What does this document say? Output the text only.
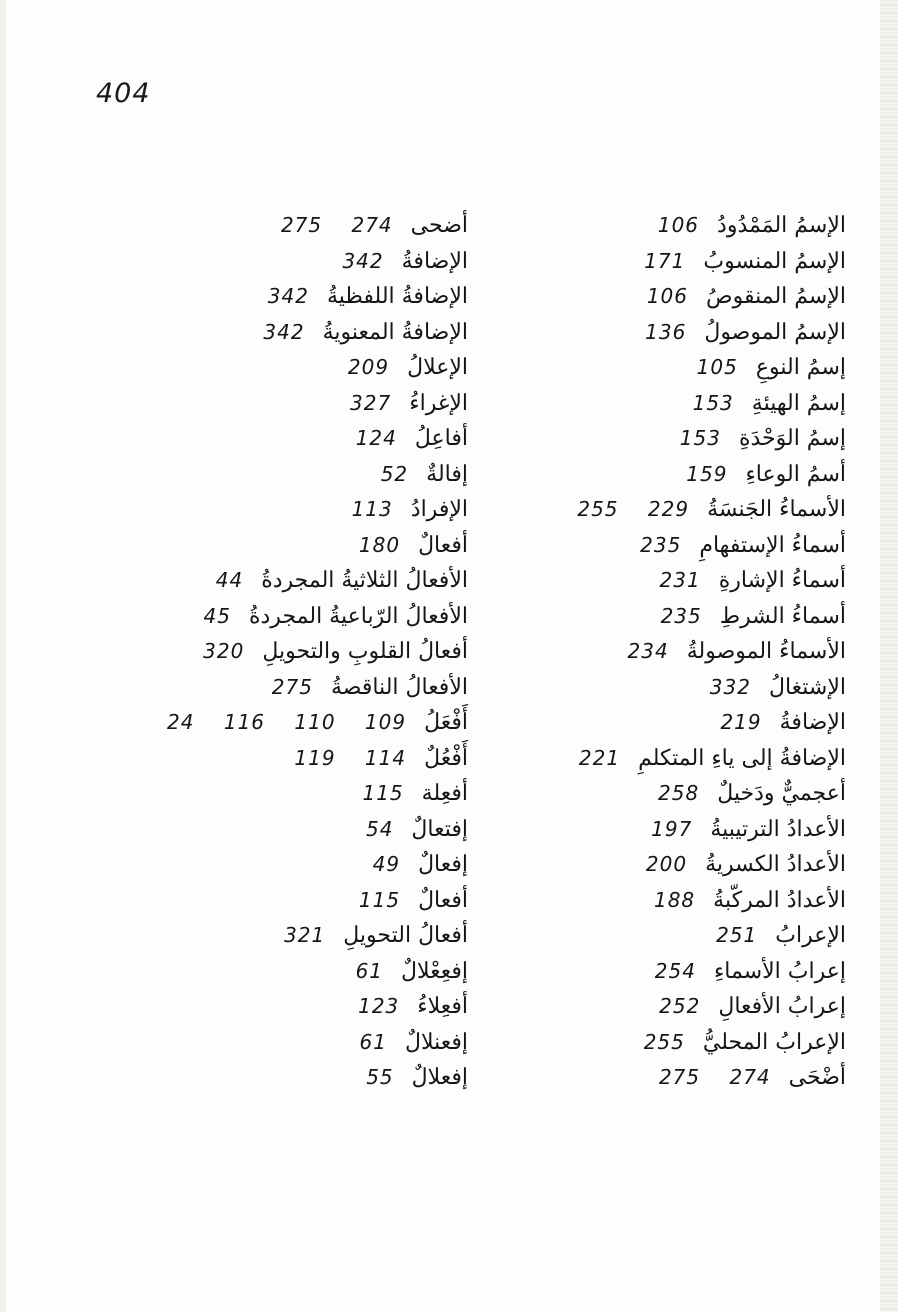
404
الإسمُ المَمْدُودُ
106
الإسمُ المنسوبُ
171
الإسمُ المنقوصُ
106
الإسمُ الموصولُ
136
إسمُ النوعِ
105
إسمُ الهيئةِ
153
إسمُ الوَحْدَةِ
153
أسمُ الوعاءِ
159
الأسماءُ الجَنسَةُ
255 229
أسماءُ الإستفهامِ
235
أسماءُ الإشارةِ
231
أسماءُ الشرطِ
235
الأسماءُ الموصولةُ
234
الإشتغالُ
332
الإضافةُ
219
الإضافةُ إلى ياءِ المتكلمِ
221
أعجميٌّ ودَخيلٌ
258
الأعدادُ الترتيبيةُ
197
الأعدادُ الكسريةُ
200
الأعدادُ المركّبةُ
188
الإعرابُ
251
إعرابُ الأسماءِ
254
إعرابُ الأفعالِ
252
الإعرابُ المحليُّ
255
أضْحَى
275 274
أضحى
275 274
الإضافةُ
342
الإضافةُ اللفظيةُ
342
الإضافةُ المعنويةُ
342
الإعلالُ
209
الإغراءُ
327
أفاعِلُ
124
إفالةٌ
52
الإفرادُ
113
أفعالٌ
180
الأفعالُ الثلاثيةُ المجردةُ
44
الأفعالُ الرّباعيةُ المجردةُ
45
أفعالُ القلوبِ والتحويلِ
320
الأفعالُ الناقصةُ
275
أَفْعَلُ
24 116 110 109
أَفْعُلٌ
119 114
أفعِلة
115
إفتعالٌ
54
إفعالٌ
49
أفعالٌ
115
أفعالُ التحويلِ
321
إفعِعْلالٌ
61
أفعِلاءُ
123
إفعنلالٌ
61
إفعلالٌ
55
